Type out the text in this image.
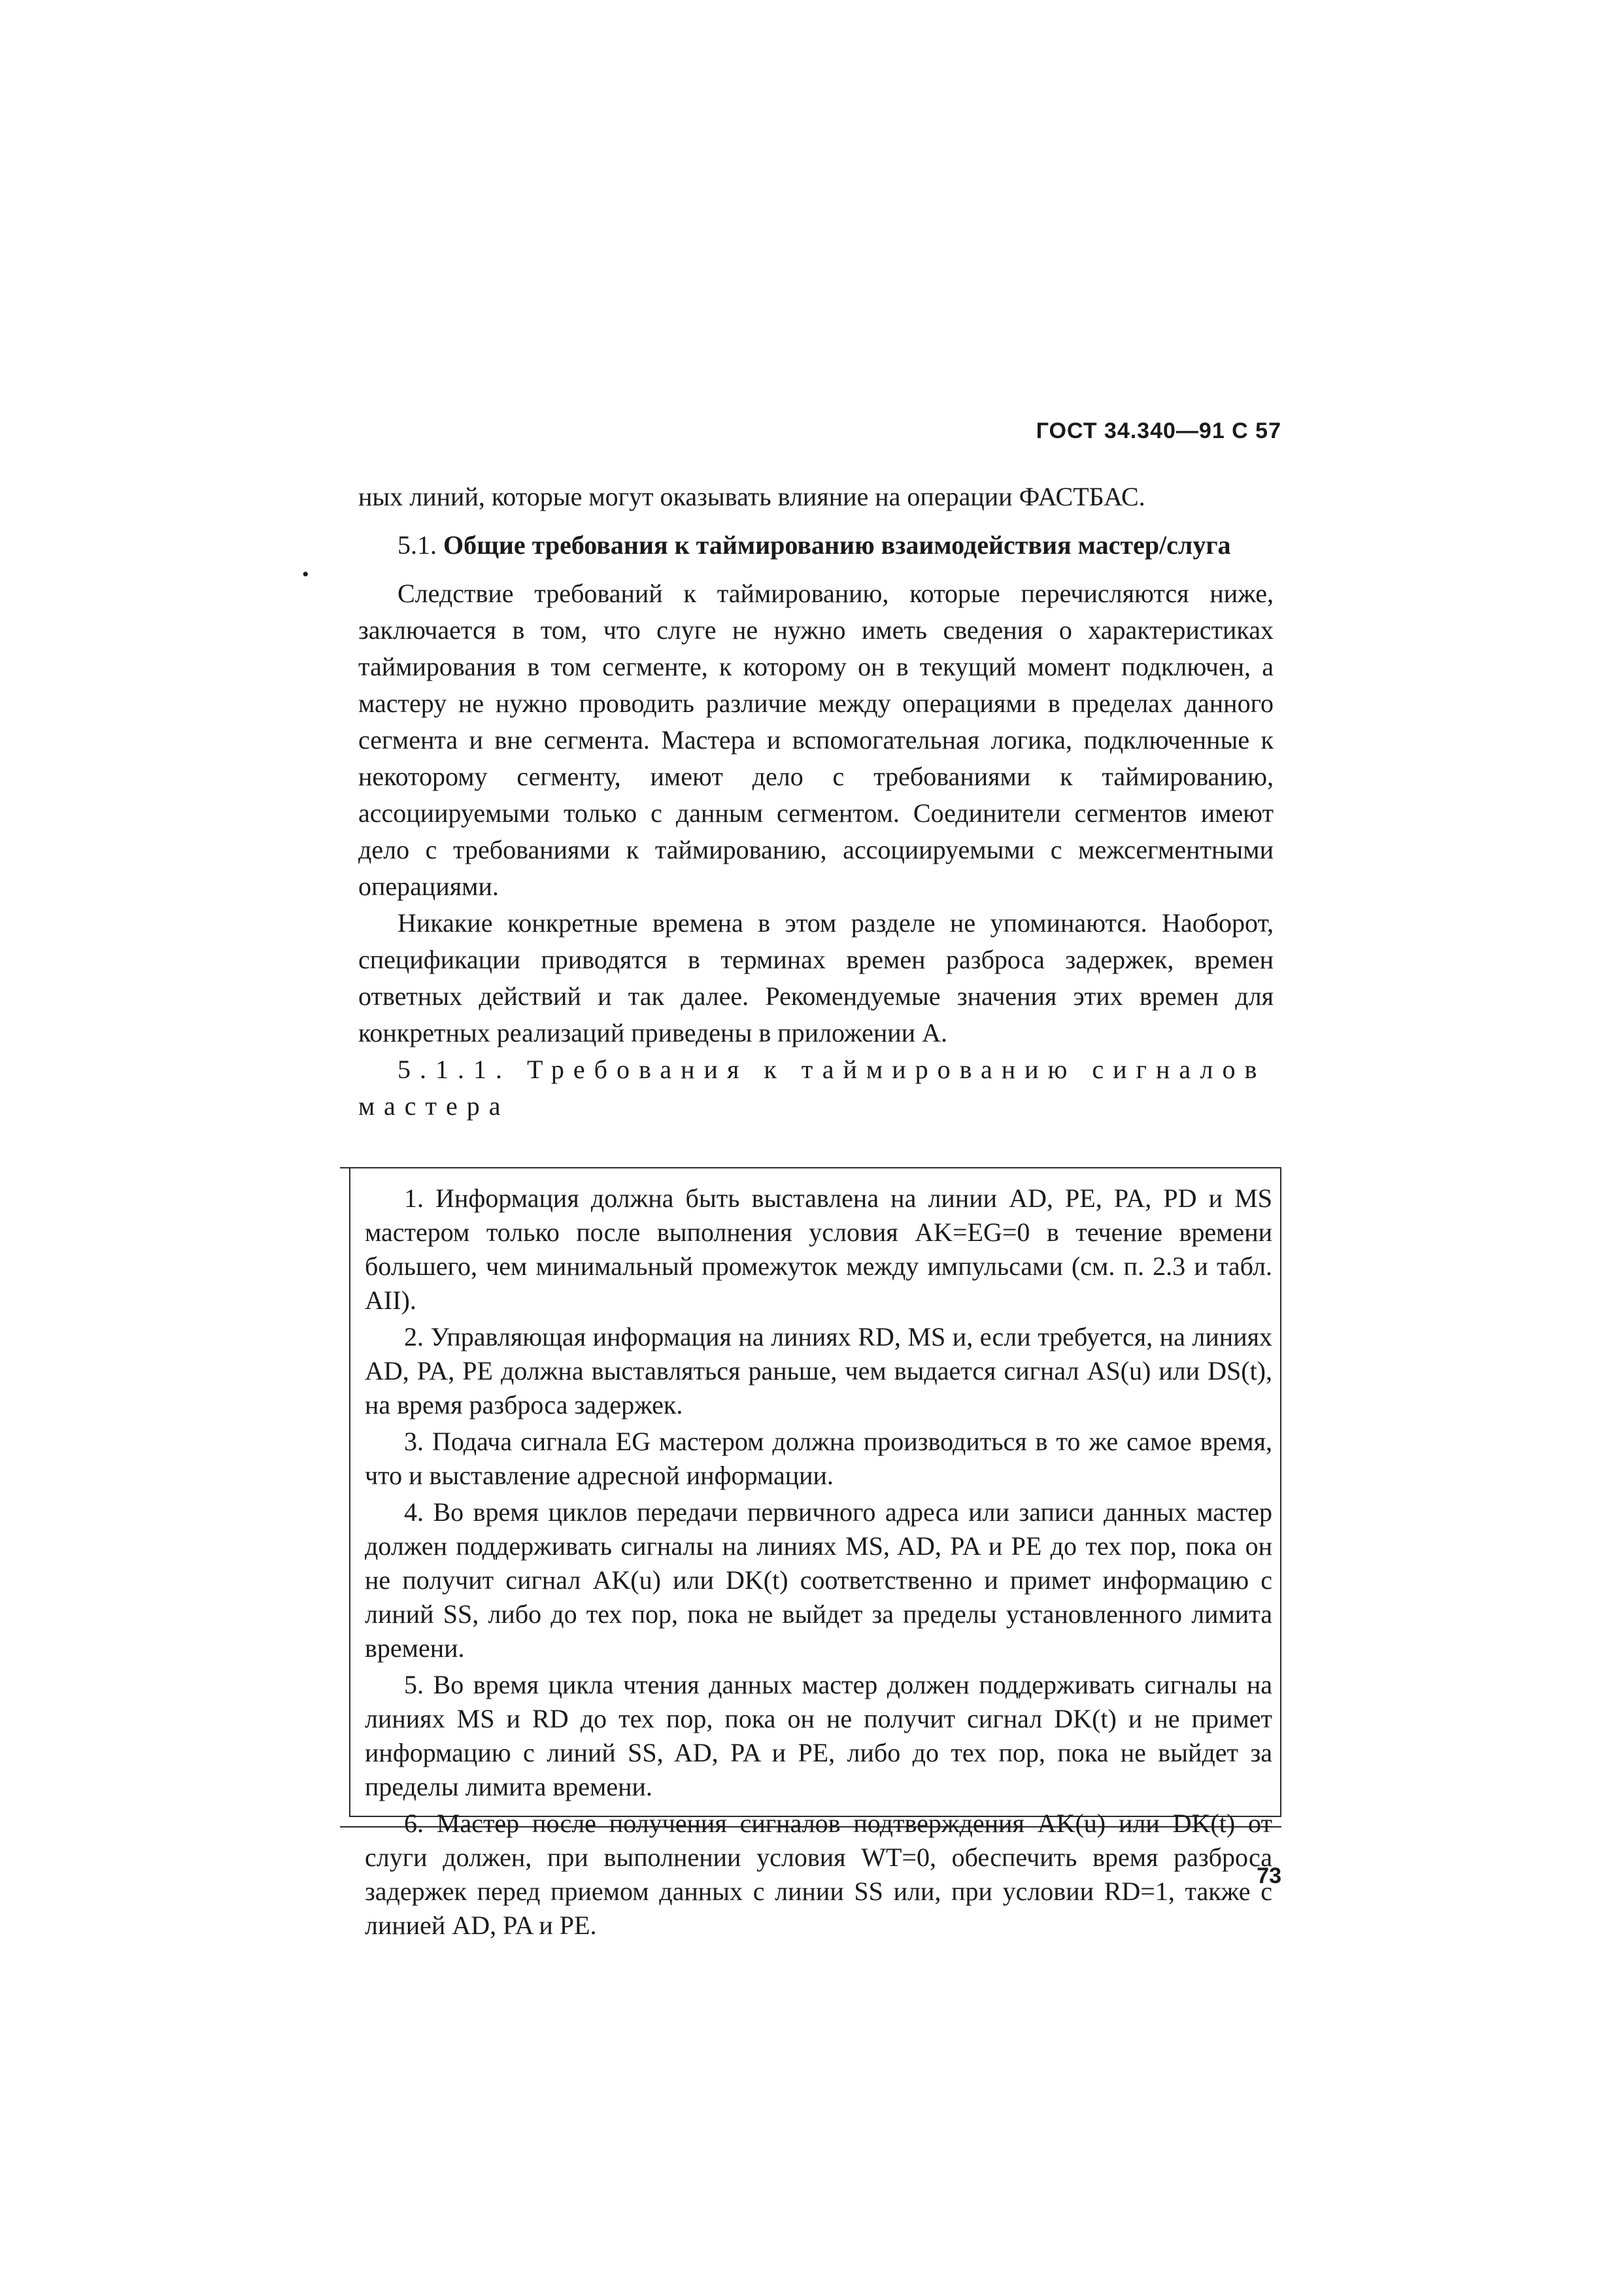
ГОСТ 34.340—91 С 57
•

ных линий, которые могут оказывать влияние на операции ФАСТБАС.

5.1. Общие требования к таймированию взаимодействия мастер/слуга

Следствие требований к таймированию, которые перечисляются ниже, заключается в том, что слуге не нужно иметь сведения о характеристиках таймирования в том сегменте, к которому он в текущий момент подключен, а мастеру не нужно проводить различие между операциями в пределах данного сегмента и вне сегмента. Мастера и вспомогательная логика, подключенные к некоторому сегменту, имеют дело с требованиями к таймированию, ассоциируемыми только с данным сегментом. Соединители сегментов имеют дело с требованиями к таймированию, ассоциируемыми с межсегментными операциями.

Никакие конкретные времена в этом разделе не упоминаются. Наоборот, спецификации приводятся в терминах времен разброса задержек, времен ответных действий и так далее. Рекомендуемые значения этих времен для конкретных реализаций приведены в приложении А.

5.1.1. Требования к таймированию сигналов мастера

1. Информация должна быть выставлена на линии AD, PE, PA, PD и MS мастером только после выполнения условия AK=EG=0 в течение времени большего, чем минимальный промежуток между импульсами (см. п. 2.3 и табл. AII).

2. Управляющая информация на линиях RD, MS и, если требуется, на линиях AD, PA, PE должна выставляться раньше, чем выдается сигнал AS(u) или DS(t), на время разброса задержек.

3. Подача сигнала EG мастером должна производиться в то же самое время, что и выставление адресной информации.

4. Во время циклов передачи первичного адреса или записи данных мастер должен поддерживать сигналы на линиях MS, AD, PA и PE до тех пор, пока он не получит сигнал AK(u) или DK(t) соответственно и примет информацию с линий SS, либо до тех пор, пока не выйдет за пределы установленного лимита времени.

5. Во время цикла чтения данных мастер должен поддерживать сигналы на линиях MS и RD до тех пор, пока он не получит сигнал DK(t) и не примет информацию с линий SS, AD, PA и PE, либо до тех пор, пока не выйдет за пределы лимита времени.

6. Мастер после получения сигналов подтверждения AK(u) или DK(t) от слуги должен, при выполнении условия WT=0, обеспечить время разброса задержек перед приемом данных с линии SS или, при условии RD=1, также с линией AD, PA и PE.

73
